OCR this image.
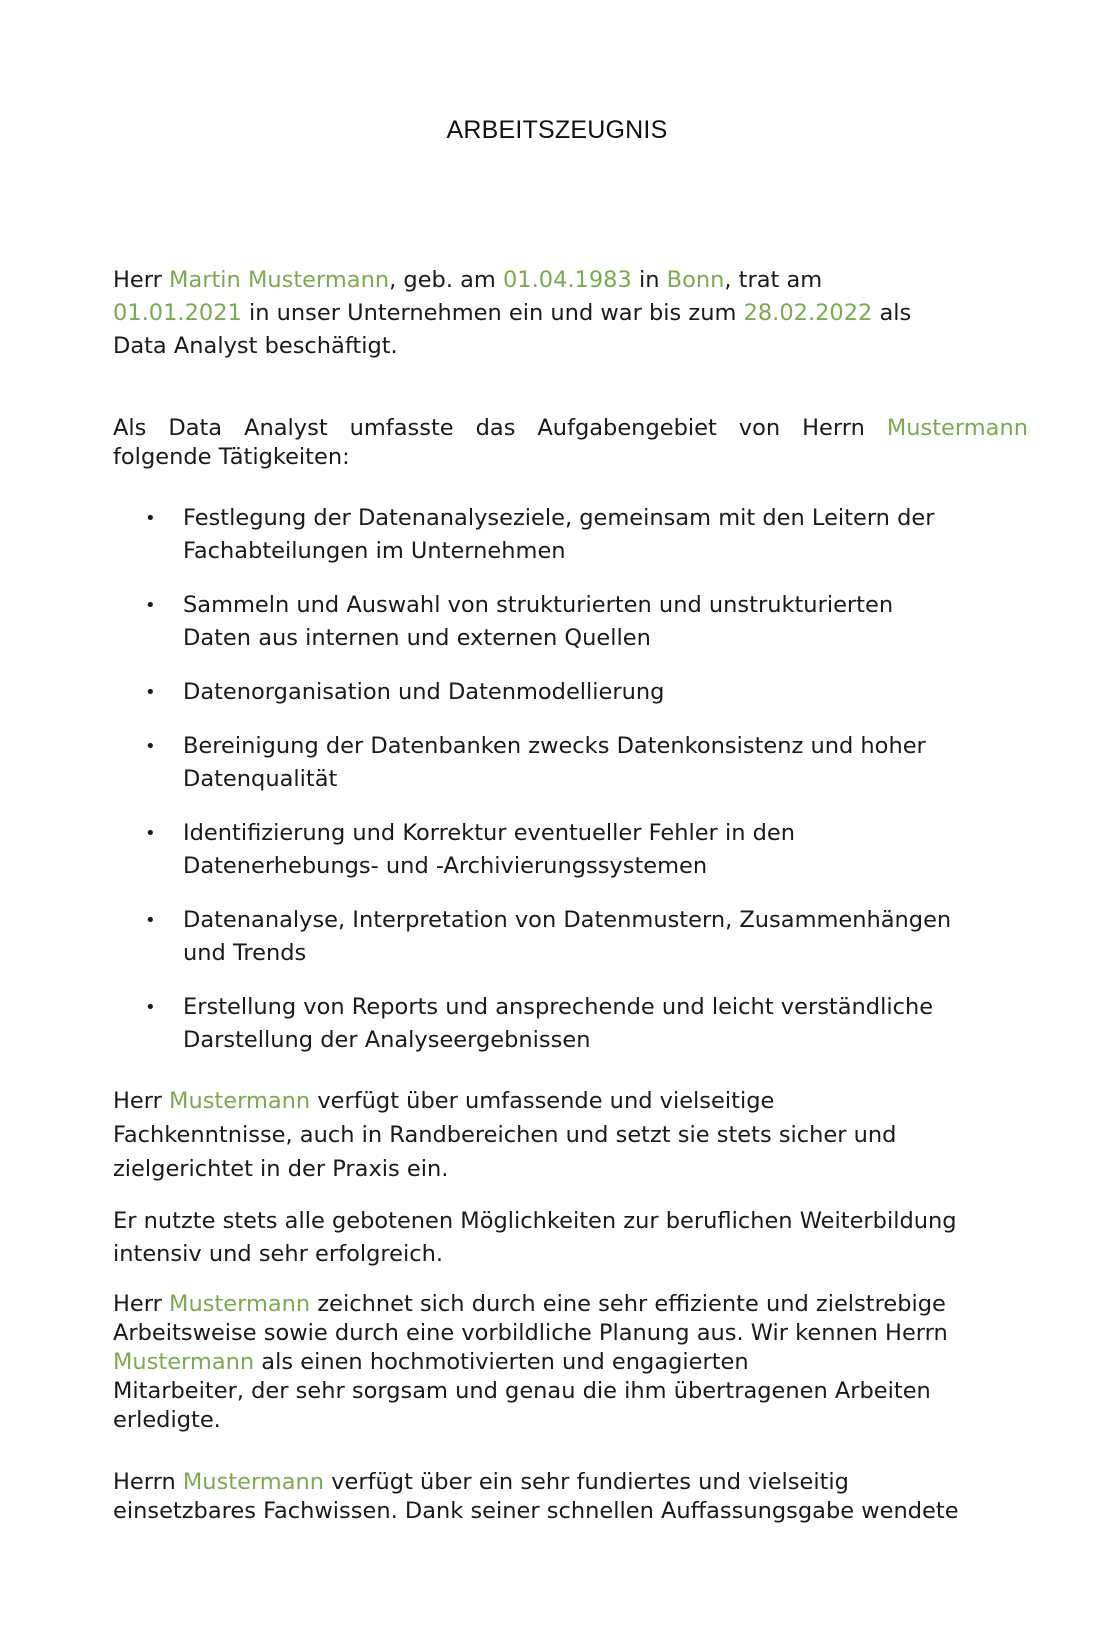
ARBEITSZEUGNIS

Herr Martin Mustermann, geb. am 01.04.1983 in Bonn, trat am
01.01.2021 in unser Unternehmen ein und war bis zum 28.02.2022 als
Data Analyst beschäftigt.

Als Data Analyst umfasste das Aufgabengebiet von Herrn Mustermann
folgende Tätigkeiten:

• Festlegung der Datenanalyseziele, gemeinsam mit den Leitern der
Fachabteilungen im Unternehmen
• Sammeln und Auswahl von strukturierten und unstrukturierten
Daten aus internen und externen Quellen
• Datenorganisation und Datenmodellierung
• Bereinigung der Datenbanken zwecks Datenkonsistenz und hoher
Datenqualität
• Identifizierung und Korrektur eventueller Fehler in den
Datenerhebungs- und -Archivierungssystemen
• Datenanalyse, Interpretation von Datenmustern, Zusammenhängen
und Trends
• Erstellung von Reports und ansprechende und leicht verständliche
Darstellung der Analyseergebnissen

Herr Mustermann verfügt über umfassende und vielseitige
Fachkenntnisse, auch in Randbereichen und setzt sie stets sicher und
zielgerichtet in der Praxis ein.

Er nutzte stets alle gebotenen Möglichkeiten zur beruflichen Weiterbildung
intensiv und sehr erfolgreich.

Herr Mustermann zeichnet sich durch eine sehr effiziente und zielstrebige
Arbeitsweise sowie durch eine vorbildliche Planung aus. Wir kennen Herrn
Mustermann als einen hochmotivierten und engagierten
Mitarbeiter, der sehr sorgsam und genau die ihm übertragenen Arbeiten
erledigte.

Herrn Mustermann verfügt über ein sehr fundiertes und vielseitig
einsetzbares Fachwissen. Dank seiner schnellen Auffassungsgabe wendete
